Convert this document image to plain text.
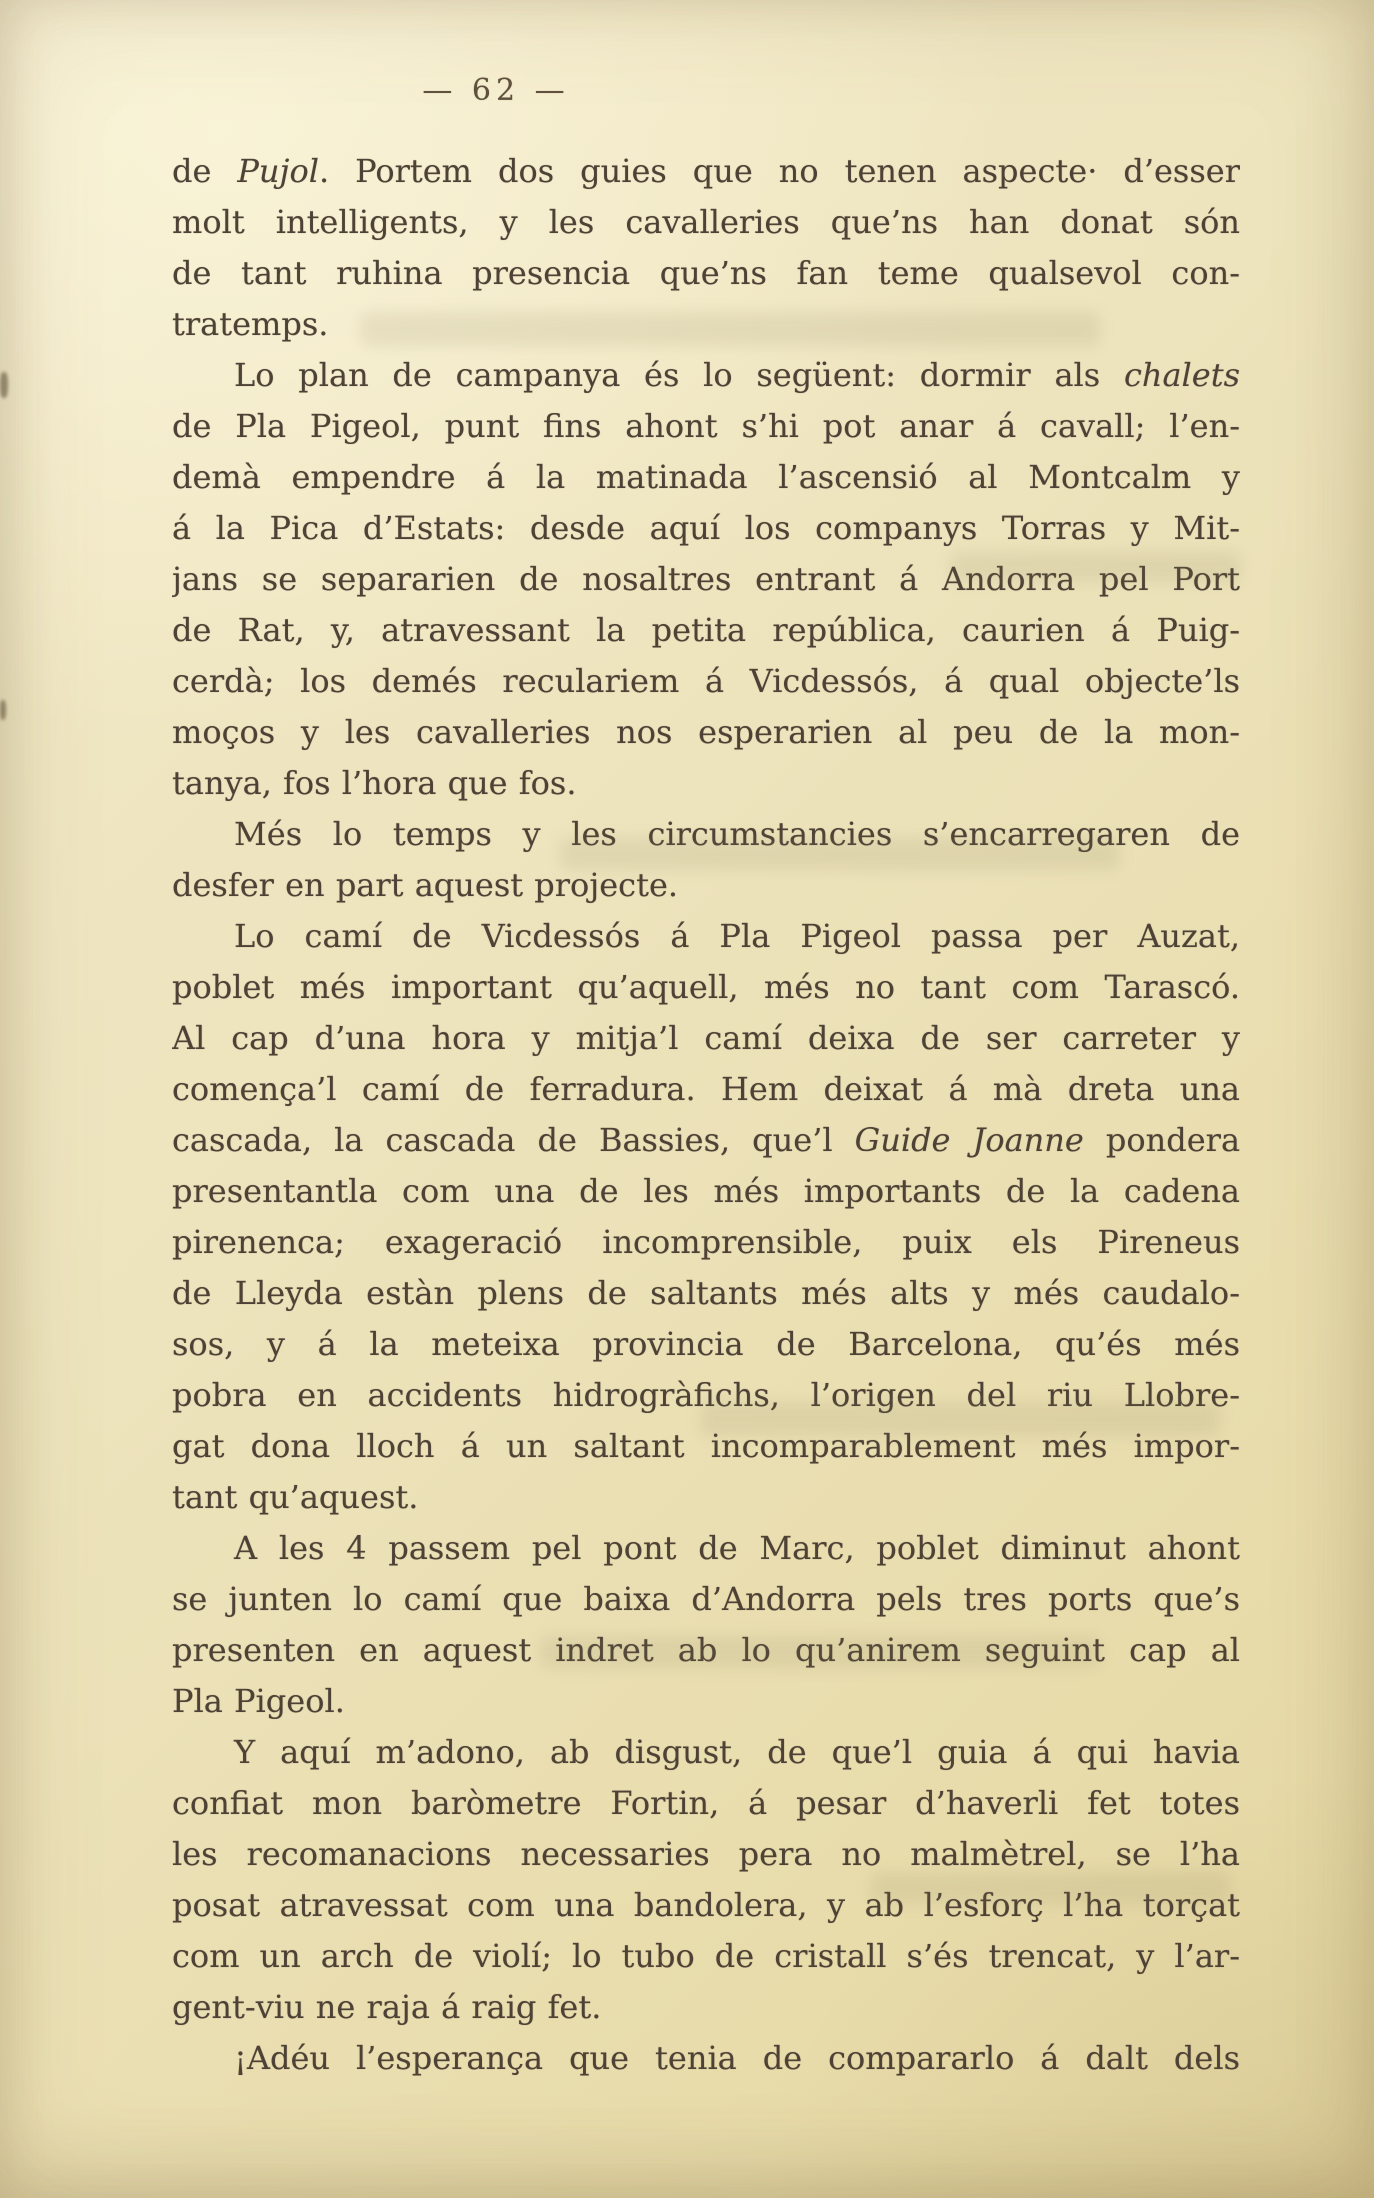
— 62 —
de Pujol. Portem dos guies que no tenen aspecte· d’esser
molt intelligents, y les cavalleries que’ns han donat són
de tant ruhina presencia que’ns fan teme qualsevol con-
tratemps.
Lo plan de campanya és lo següent: dormir als chalets
de Pla Pigeol, punt fins ahont s’hi pot anar á cavall; l’en-
demà empendre á la matinada l’ascensió al Montcalm y
á la Pica d’Estats: desde aquí los companys Torras y Mit-
jans se separarien de nosaltres entrant á Andorra pel Port
de Rat, y, atravessant la petita república, caurien á Puig-
cerdà; los demés reculariem á Vicdessós, á qual objecte’ls
moços y les cavalleries nos esperarien al peu de la mon-
tanya, fos l’hora que fos.
Més lo temps y les circumstancies s’encarregaren de
desfer en part aquest projecte.
Lo camí de Vicdessós á Pla Pigeol passa per Auzat,
poblet més important qu’aquell, més no tant com Tarascó.
Al cap d’una hora y mitja’l camí deixa de ser carreter y
comença’l camí de ferradura. Hem deixat á mà dreta una
cascada, la cascada de Bassies, que’l Guide Joanne pondera
presentantla com una de les més importants de la cadena
pirenenca; exageració incomprensible, puix els Pireneus
de Lleyda estàn plens de saltants més alts y més caudalo-
sos, y á la meteixa provincia de Barcelona, qu’és més
pobra en accidents hidrogràfichs, l’origen del riu Llobre-
gat dona lloch á un saltant incomparablement més impor-
tant qu’aquest.
A les 4 passem pel pont de Marc, poblet diminut ahont
se junten lo camí que baixa d’Andorra pels tres ports que’s
presenten en aquest indret ab lo qu’anirem seguint cap al
Pla Pigeol.
Y aquí m’adono, ab disgust, de que’l guia á qui havia
confiat mon baròmetre Fortin, á pesar d’haverli fet totes
les recomanacions necessaries pera no malmètrel, se l’ha
posat atravessat com una bandolera, y ab l’esforç l’ha torçat
com un arch de violí; lo tubo de cristall s’és trencat, y l’ar-
gent-viu ne raja á raig fet.
¡Adéu l’esperança que tenia de compararlo á dalt dels
